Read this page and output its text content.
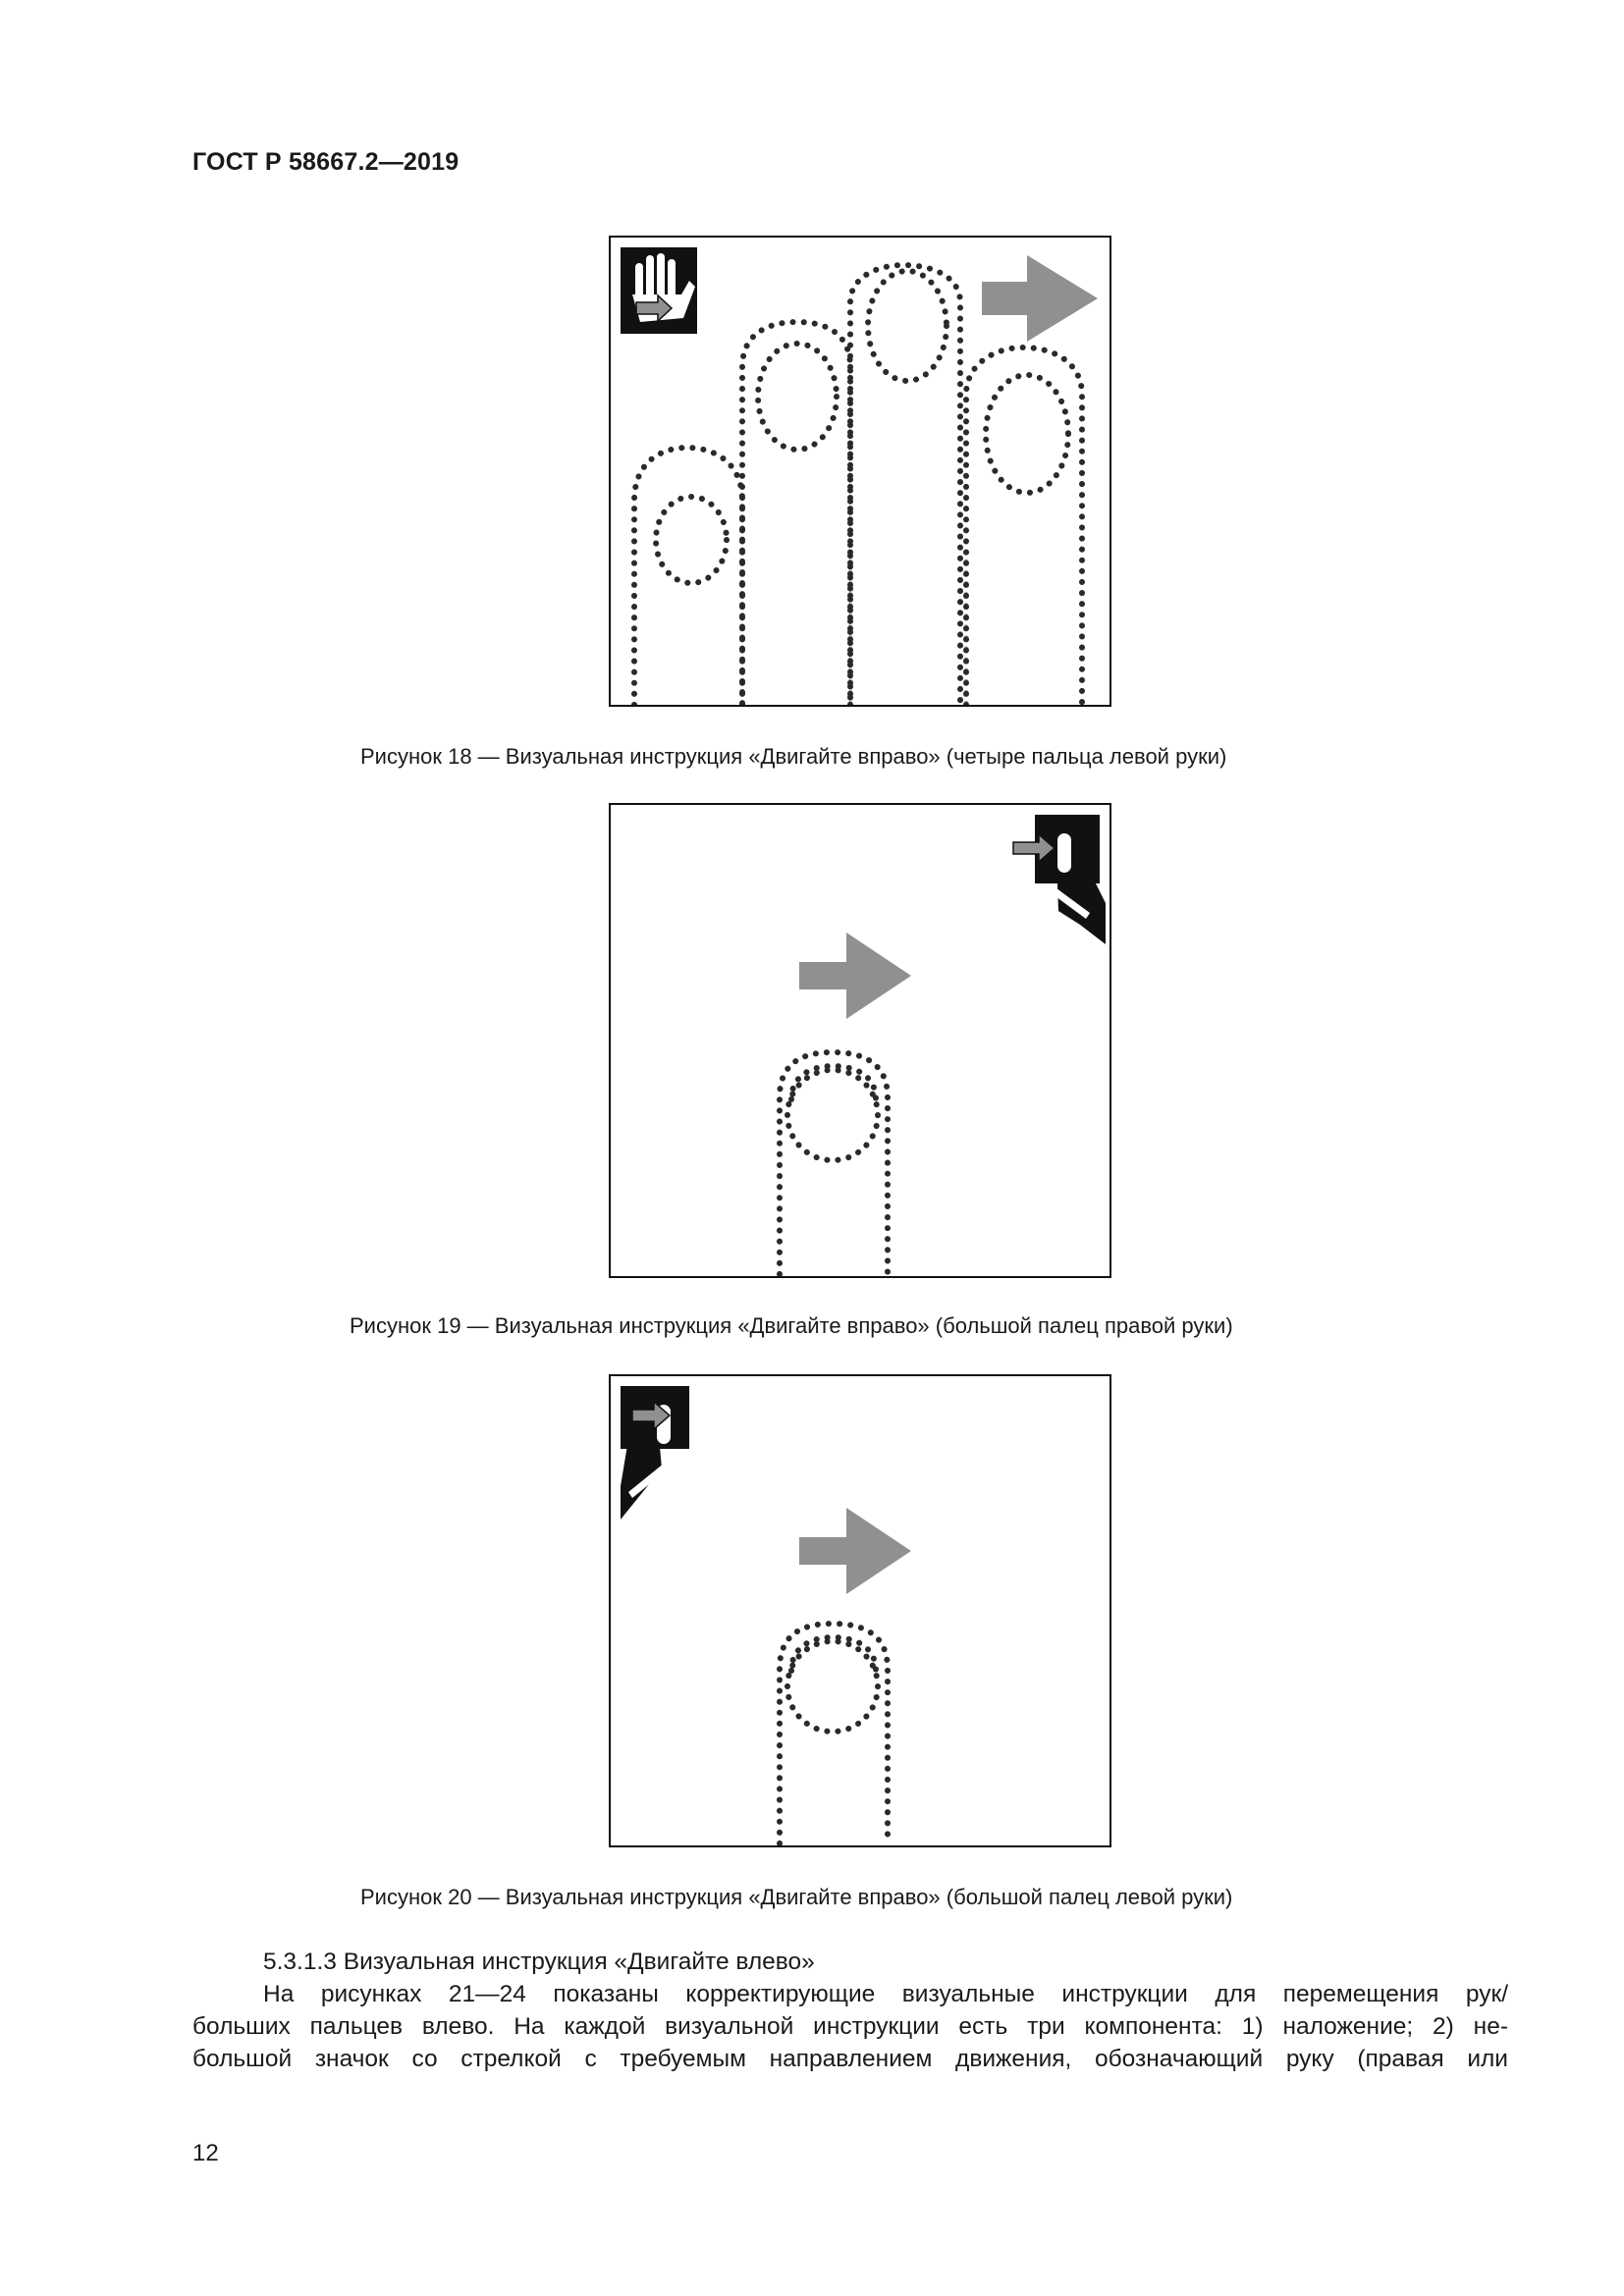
ГОСТ Р 58667.2—2019
Рисунок 18 — Визуальная инструкция «Двигайте вправо» (четыре пальца левой руки)
Рисунок 19 — Визуальная инструкция «Двигайте вправо» (большой палец правой руки)
Рисунок 20 — Визуальная инструкция «Двигайте вправо» (большой палец левой руки)

5.3.1.3 Визуальная инструкция «Двигайте влево»

На рисунках 21—24 показаны корректирующие визуальные инструкции для перемещения рук/

больших пальцев влево. На каждой визуальной инструкции есть три компонента: 1) наложение; 2) не-

большой значок со стрелкой с требуемым направлением движения, обозначающий руку (правая или

12
